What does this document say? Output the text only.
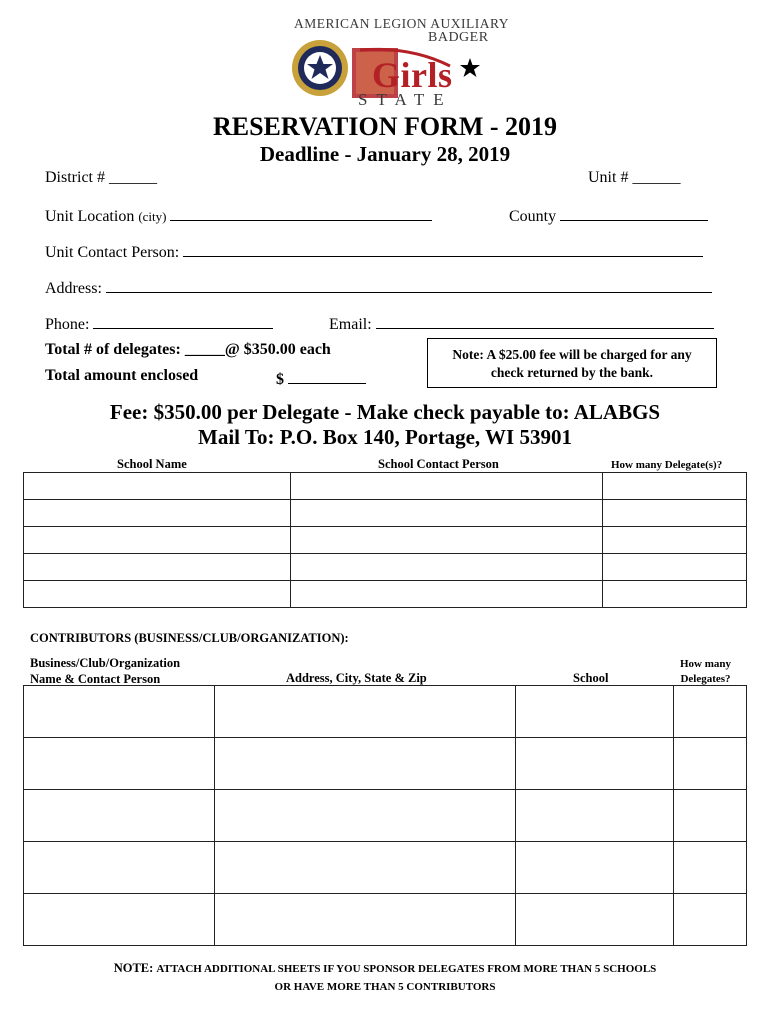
AMERICAN LEGION AUXILIARY
BADGER
Girls
STATE
RESERVATION FORM - 2019
Deadline - January 28, 2019
District # ______	Unit # ______
Unit Location (city)	County
Unit Contact Person:
Address:
Phone:	Email:
Total # of delegates: _____@ $350.00 each
Total amount enclosed	$
Note: A $25.00 fee will be charged for any
check returned by the bank.
Fee: $350.00 per Delegate - Make check payable to: ALABGS
Mail To: P.O. Box 140, Portage, WI 53901
School Name	School Contact Person	How many Delegate(s)?

CONTRIBUTORS (BUSINESS/CLUB/ORGANIZATION):
Business/Club/Organization
Name & Contact Person	Address, City, State & Zip	School
How many
Delegates?

NOTE: ATTACH ADDITIONAL SHEETS IF YOU SPONSOR DELEGATES FROM MORE THAN 5 SCHOOLS
OR HAVE MORE THAN 5 CONTRIBUTORS
